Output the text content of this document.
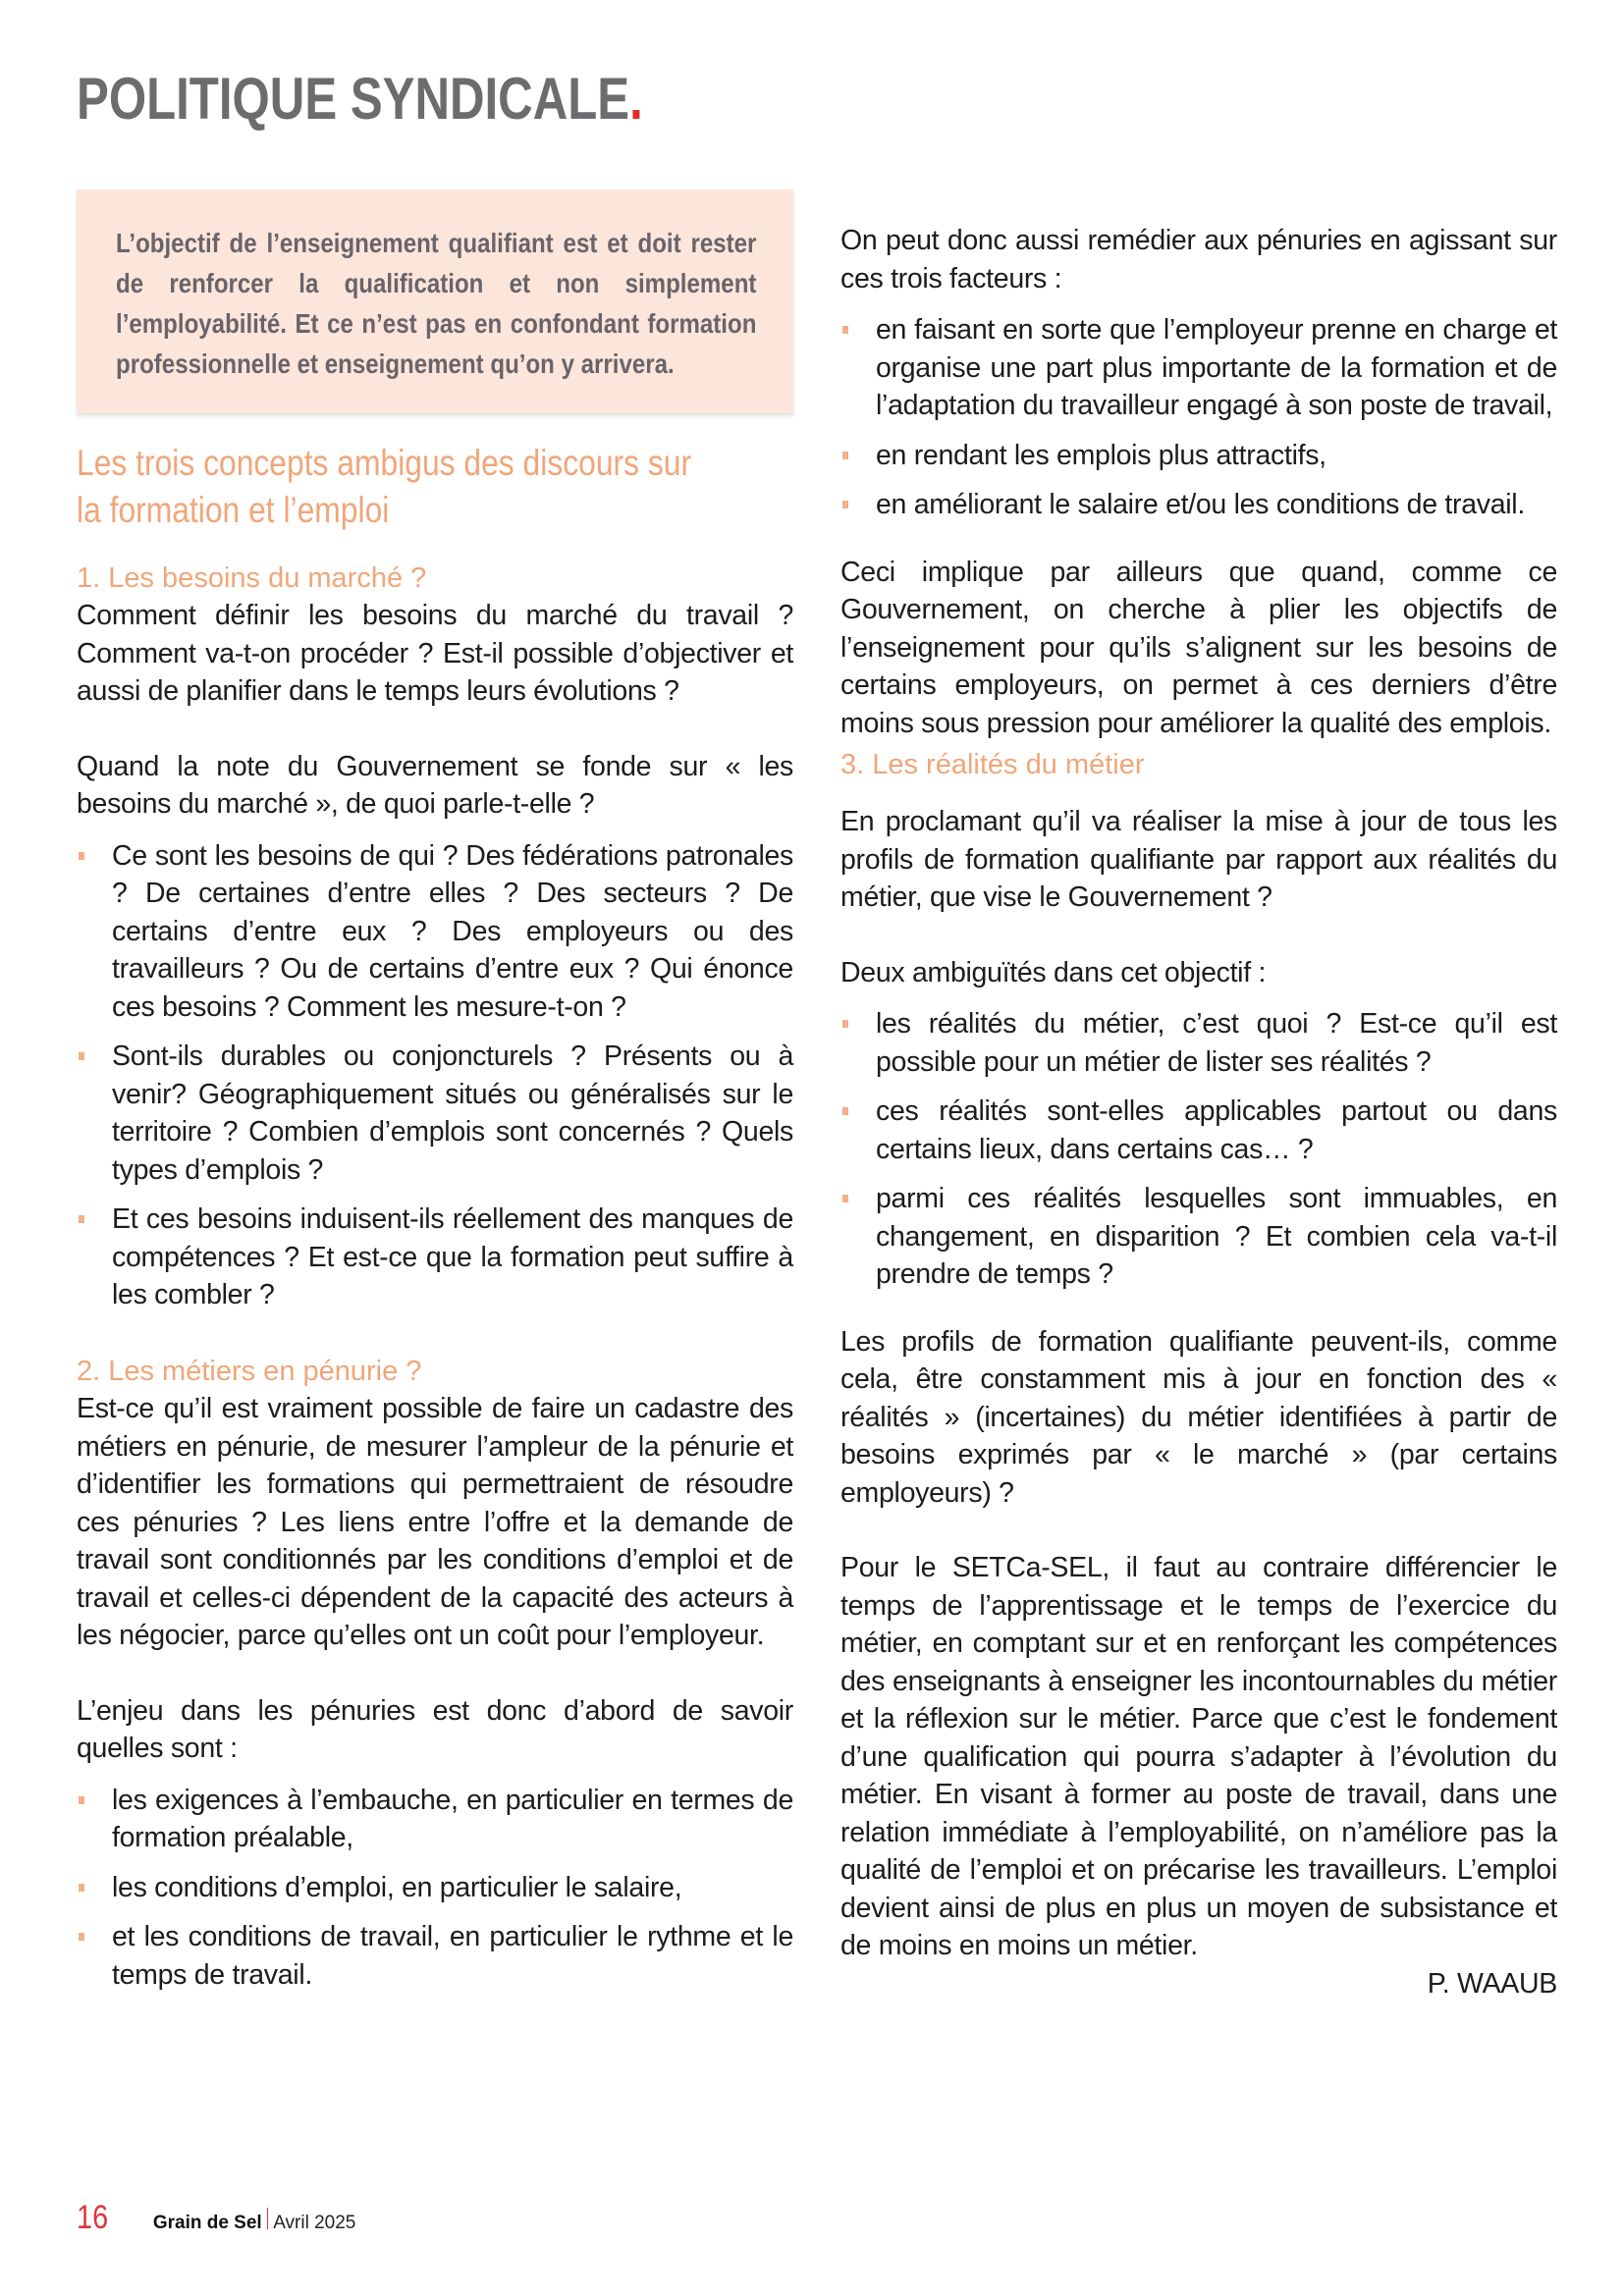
POLITIQUE SYNDICALE.

L’objectif de l’enseignement qualifiant est et doit rester de renforcer la qualification et non simplement l’employabilité. Et ce n’est pas en confondant formation professionnelle et enseignement qu’on y arrivera.

Les trois concepts ambigus des discours sur la formation et l’emploi
1. Les besoins du marché ?

Comment définir les besoins du marché du travail ? Comment va-t-on procéder ? Est-il possible d’objectiver et aussi de planifier dans le temps leurs évolutions ?

Quand la note du Gouvernement se fonde sur « les besoins du marché », de quoi parle-t-elle ?

Ce sont les besoins de qui ? Des fédérations patronales ? De certaines d’entre elles ? Des secteurs ? De certains d’entre eux ? Des employeurs ou des travailleurs ? Ou de certains d’entre eux ? Qui énonce ces besoins ? Comment les mesure-t-on ?
Sont-ils durables ou conjoncturels ? Présents ou à venir? Géographiquement situés ou généralisés sur le territoire ? Combien d’emplois sont concernés ? Quels types d’emplois ?
Et ces besoins induisent-ils réellement des manques de compétences ? Et est-ce que la formation peut suffire à les combler ?
2. Les métiers en pénurie ?

Est-ce qu’il est vraiment possible de faire un cadastre des métiers en pénurie, de mesurer l’ampleur de la pénurie et d’identifier les formations qui permettraient de résoudre ces pénuries ? Les liens entre l’offre et la demande de travail sont conditionnés par les conditions d’emploi et de travail et celles-ci dépendent de la capacité des acteurs à les négocier, parce qu’elles ont un coût pour l’employeur.

L’enjeu dans les pénuries est donc d’abord de savoir quelles sont :

les exigences à l’embauche, en particulier en termes de formation préalable,
les conditions d’emploi, en particulier le salaire,
et les conditions de travail, en particulier le rythme et le temps de travail.

On peut donc aussi remédier aux pénuries en agissant sur ces trois facteurs :

en faisant en sorte que l’employeur prenne en charge et organise une part plus importante de la formation et de l’adaptation du travailleur engagé à son poste de travail,
en rendant les emplois plus attractifs,
en améliorant le salaire et/ou les conditions de travail.

Ceci implique par ailleurs que quand, comme ce Gouvernement, on cherche à plier les objectifs de l’enseignement pour qu’ils s’alignent sur les besoins de certains employeurs, on permet à ces derniers d’être moins sous pression pour améliorer la qualité des emplois.

3. Les réalités du métier

En proclamant qu’il va réaliser la mise à jour de tous les profils de formation qualifiante par rapport aux réalités du métier, que vise le Gouvernement ?

Deux ambiguïtés dans cet objectif :

les réalités du métier, c’est quoi ? Est-ce qu’il est possible pour un métier de lister ses réalités ?
ces réalités sont-elles applicables partout ou dans certains lieux, dans certains cas… ?
parmi ces réalités lesquelles sont immuables, en changement, en disparition ? Et combien cela va-t-il prendre de temps ?

Les profils de formation qualifiante peuvent-ils, comme cela, être constamment mis à jour en fonction des « réalités » (incertaines) du métier identifiées à partir de besoins exprimés par « le marché » (par certains employeurs) ?

Pour le SETCa-SEL, il faut au contraire différencier le temps de l’apprentissage et le temps de l’exercice du métier, en comptant sur et en renforçant les compétences des enseignants à enseigner les incontournables du métier et la réflexion sur le métier. Parce que c’est le fondement d’une qualification qui pourra s’adapter à l’évolution du métier. En visant à former au poste de travail, dans une relation immédiate à l’employabilité, on n’améliore pas la qualité de l’emploi et on précarise les travailleurs. L’emploi devient ainsi de plus en plus un moyen de subsistance et de moins en moins un métier.

P. WAAUB
16 Grain de Sel Avril 2025
